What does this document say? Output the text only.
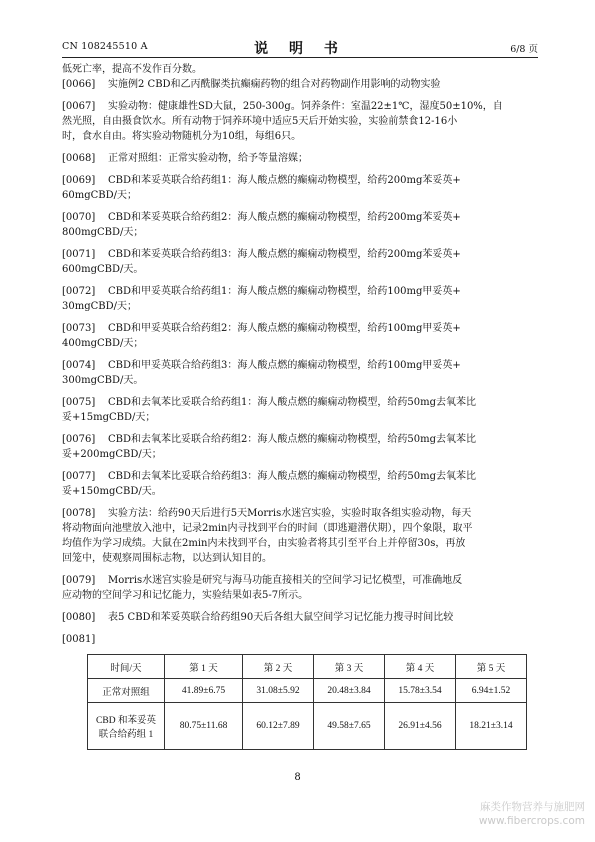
CN 108245510 A	说 明 书	6/8 页
低死亡率，提高不发作百分数。
[0066] 实施例2 CBD和乙丙酰脲类抗癫痫药物的组合对药物副作用影响的动物实验
[0067] 实验动物：健康雄性SD大鼠，250-300g。饲养条件：室温22±1℃，湿度50±10%，自
然光照，自由摄食饮水。所有动物于饲养环境中适应5天后开始实验，实验前禁食12-16小
时，食水自由。将实验动物随机分为10组，每组6只。
[0068] 正常对照组：正常实验动物，给予等量溶媒；
[0069] CBD和苯妥英联合给药组1：海人酸点燃的癫痫动物模型，给药200mg苯妥英+
60mgCBD/天；
[0070] CBD和苯妥英联合给药组2：海人酸点燃的癫痫动物模型，给药200mg苯妥英+
800mgCBD/天；
[0071] CBD和苯妥英联合给药组3：海人酸点燃的癫痫动物模型，给药200mg苯妥英+
600mgCBD/天。
[0072] CBD和甲妥英联合给药组1：海人酸点燃的癫痫动物模型，给药100mg甲妥英+
30mgCBD/天；
[0073] CBD和甲妥英联合给药组2：海人酸点燃的癫痫动物模型，给药100mg甲妥英+
400mgCBD/天；
[0074] CBD和甲妥英联合给药组3：海人酸点燃的癫痫动物模型，给药100mg甲妥英+
300mgCBD/天。
[0075] CBD和去氧苯比妥联合给药组1：海人酸点燃的癫痫动物模型，给药50mg去氧苯比
妥+15mgCBD/天；
[0076] CBD和去氧苯比妥联合给药组2：海人酸点燃的癫痫动物模型，给药50mg去氧苯比
妥+200mgCBD/天；
[0077] CBD和去氧苯比妥联合给药组3：海人酸点燃的癫痫动物模型，给药50mg去氧苯比
妥+150mgCBD/天。
[0078] 实验方法：给药90天后进行5天Morris水迷宫实验，实验时取各组实验动物，每天
将动物面向池壁放入池中，记录2min内寻找到平台的时间（即逃避潜伏期），四个象限，取平
均值作为学习成绩。大鼠在2min内未找到平台，由实验者将其引至平台上并停留30s，再放
回笼中，使观察周围标志物，以达到认知目的。
[0079] Morris水迷宫实验是研究与海马功能直接相关的空间学习记忆模型，可准确地反
应动物的空间学习和记忆能力，实验结果如表5-7所示。
[0080] 表5 CBD和苯妥英联合给药组90天后各组大鼠空间学习记忆能力搜寻时间比较
[0081]
时间/天	第 1 天	第 2 天	第 3 天	第 4 天	第 5 天
正常对照组	41.89±6.75	31.08±5.92	20.48±3.84	15.78±3.54	6.94±1.52

CBD 和苯妥英
联合给药组 1	80.75±11.68	60.12±7.89	49.58±7.65	26.91±4.56	18.21±3.14
8
麻类作物营养与施肥网
www.fibercrops.com
